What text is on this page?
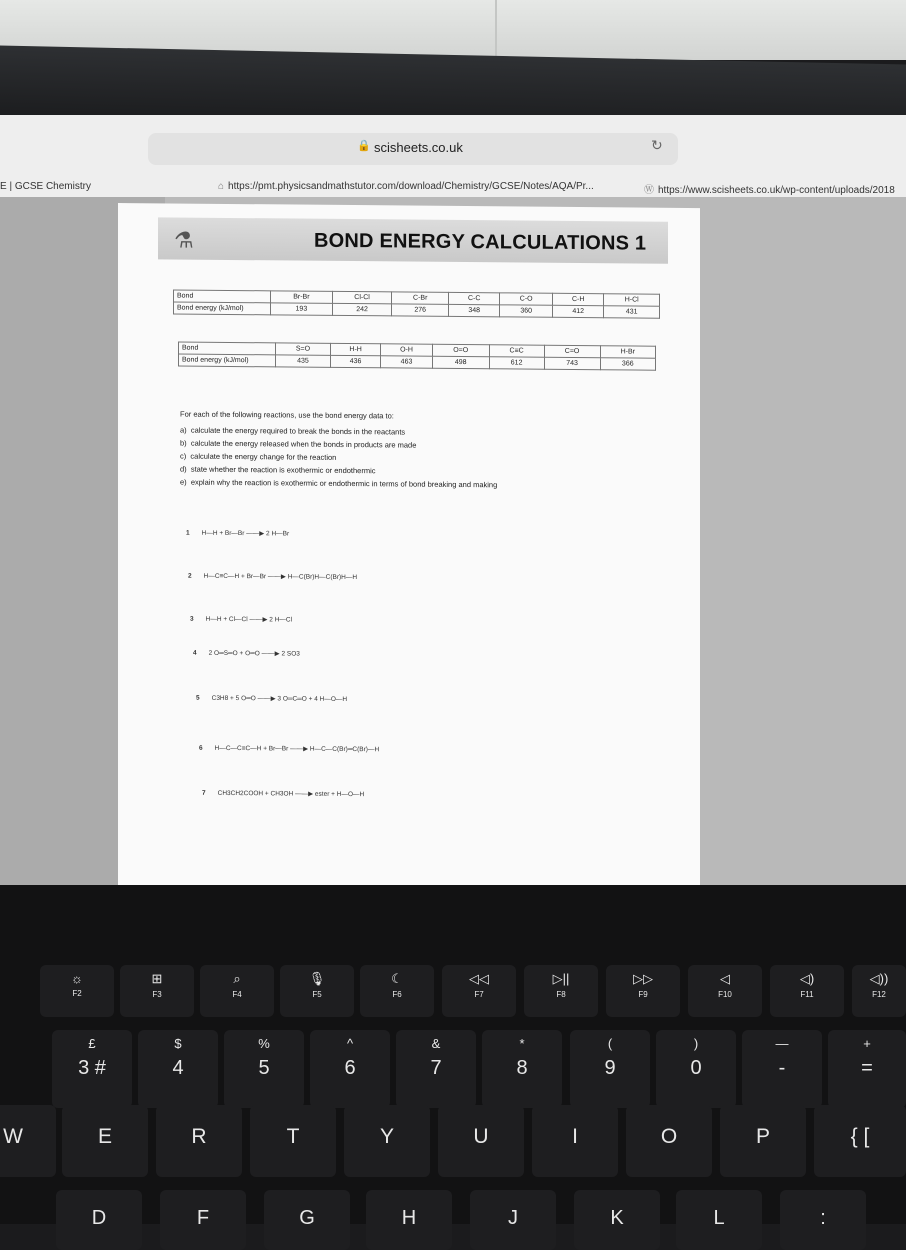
🔒 scisheets.co.uk	↻
E | GCSE Chemistry	⌂ https://pmt.physicsandmathstutor.com/download/Chemistry/GCSE/Notes/AQA/Pr...	Ⓦ https://www.scisheets.co.uk/wp-content/uploads/2018
⚗	BOND ENERGY CALCULATIONS 1
Bond	Br-Br	Cl-Cl	C-Br	C-C	C-O	C-H	H-Cl
Bond energy (kJ/mol)	193	242	276	348	360	412	431
Bond	S=O	H-H	O-H	O=O	C≡C	C=O	H-Br
Bond energy (kJ/mol)	435	436	463	498	612	743	366

For each of the following reactions, use the bond energy data to:

a) calculate the energy required to break the bonds in the reactants

b) calculate the energy released when the bonds in products are made

c) calculate the energy change for the reaction

d) state whether the reaction is exothermic or endothermic

e) explain why the reaction is exothermic or endothermic in terms of bond breaking and making

1 H—H + Br—Br ——▶ 2 H—Br
2 H—C≡C—H + Br—Br ——▶ H—C(Br)H—C(Br)H—H
3 H—H + Cl—Cl ——▶ 2 H—Cl
4 2 O═S═O + O═O ——▶ 2 SO3
5 C3H8 + 5 O═O ——▶ 3 O═C═O + 4 H—O—H
6 H—C—C≡C—H + Br—Br ——▶ H—C—C(Br)═C(Br)—H
7 CH3CH2COOH + CH3OH ——▶ ester + H—O—H
☼
F2
⊞
F3
⌕
F4
🎙
F5
☾
F6
◁◁
F7
▷||
F8
▷▷
F9
◁
F10
◁)
F11
◁))
F12
£
3 #
$
4
%
5
^
6
&
7
*
8
(
9
)
0
—
-
+
=
W	E	R	T	Y	U	I	O	P	{ [
D	F	G	H	J	K	L	:
